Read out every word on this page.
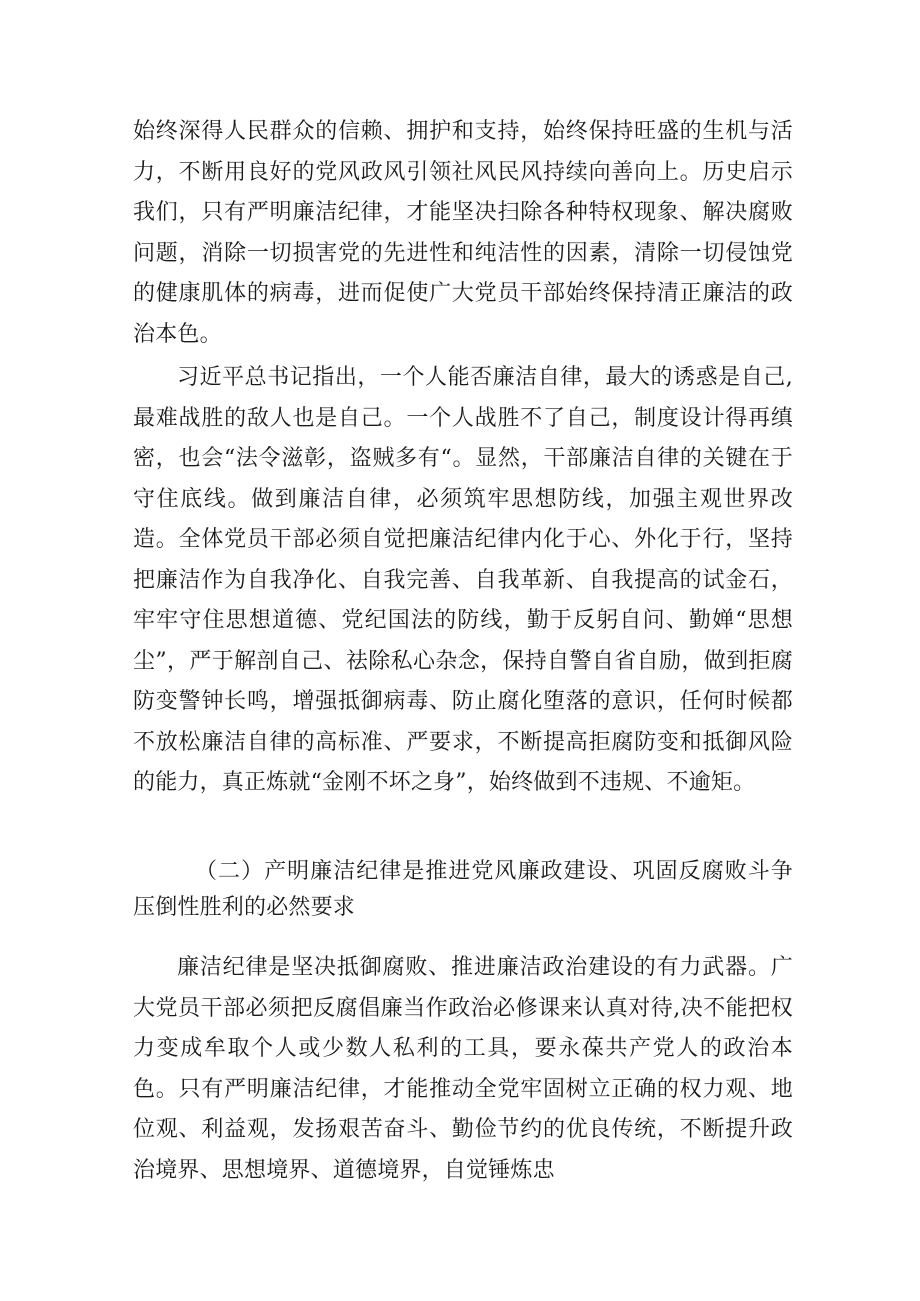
始终深得人民群众的信赖、拥护和支持，始终保持旺盛的生机与活力，不断用良好的党风政风引领社风民风持续向善向上。历史启示我们，只有严明廉洁纪律，才能坚决扫除各种特权现象、解决腐败问题，消除一切损害党的先进性和纯洁性的因素，清除一切侵蚀党的健康肌体的病毒，进而促使广大党员干部始终保持清正廉洁的政治本色。

习近平总书记指出，一个人能否廉洁自律，最大的诱惑是自己,最难战胜的敌人也是自己。一个人战胜不了自己，制度设计得再缜密，也会“法令滋彰，盗贼多有“。显然，干部廉洁自律的关键在于守住底线。做到廉洁自律，必须筑牢思想防线，加强主观世界改造。全体党员干部必须自觉把廉洁纪律内化于心、外化于行，坚持把廉洁作为自我净化、自我完善、自我革新、自我提高的试金石，牢牢守住思想道德、党纪国法的防线，勤于反躬自问、勤婵“思想尘”，严于解剖自己、祛除私心杂念，保持自警自省自励，做到拒腐防变警钟长鸣，增强抵御病毒、防止腐化堕落的意识，任何时候都不放松廉洁自律的高标准、严要求，不断提高拒腐防变和抵御风险的能力，真正炼就“金刚不坏之身”，始终做到不违规、不逾矩。

（二）产明廉洁纪律是推进党风廉政建设、巩固反腐败斗争压倒性胜利的必然要求

廉洁纪律是坚决抵御腐败、推进廉洁政治建设的有力武器。广大党员干部必须把反腐倡廉当作政治必修课来认真对待,决不能把权力变成牟取个人或少数人私利的工具，要永葆共产党人的政治本色。只有严明廉洁纪律，才能推动全党牢固树立正确的权力观、地位观、利益观，发扬艰苦奋斗、勤俭节约的优良传统，不断提升政治境界、思想境界、道德境界，自觉锤炼忠
